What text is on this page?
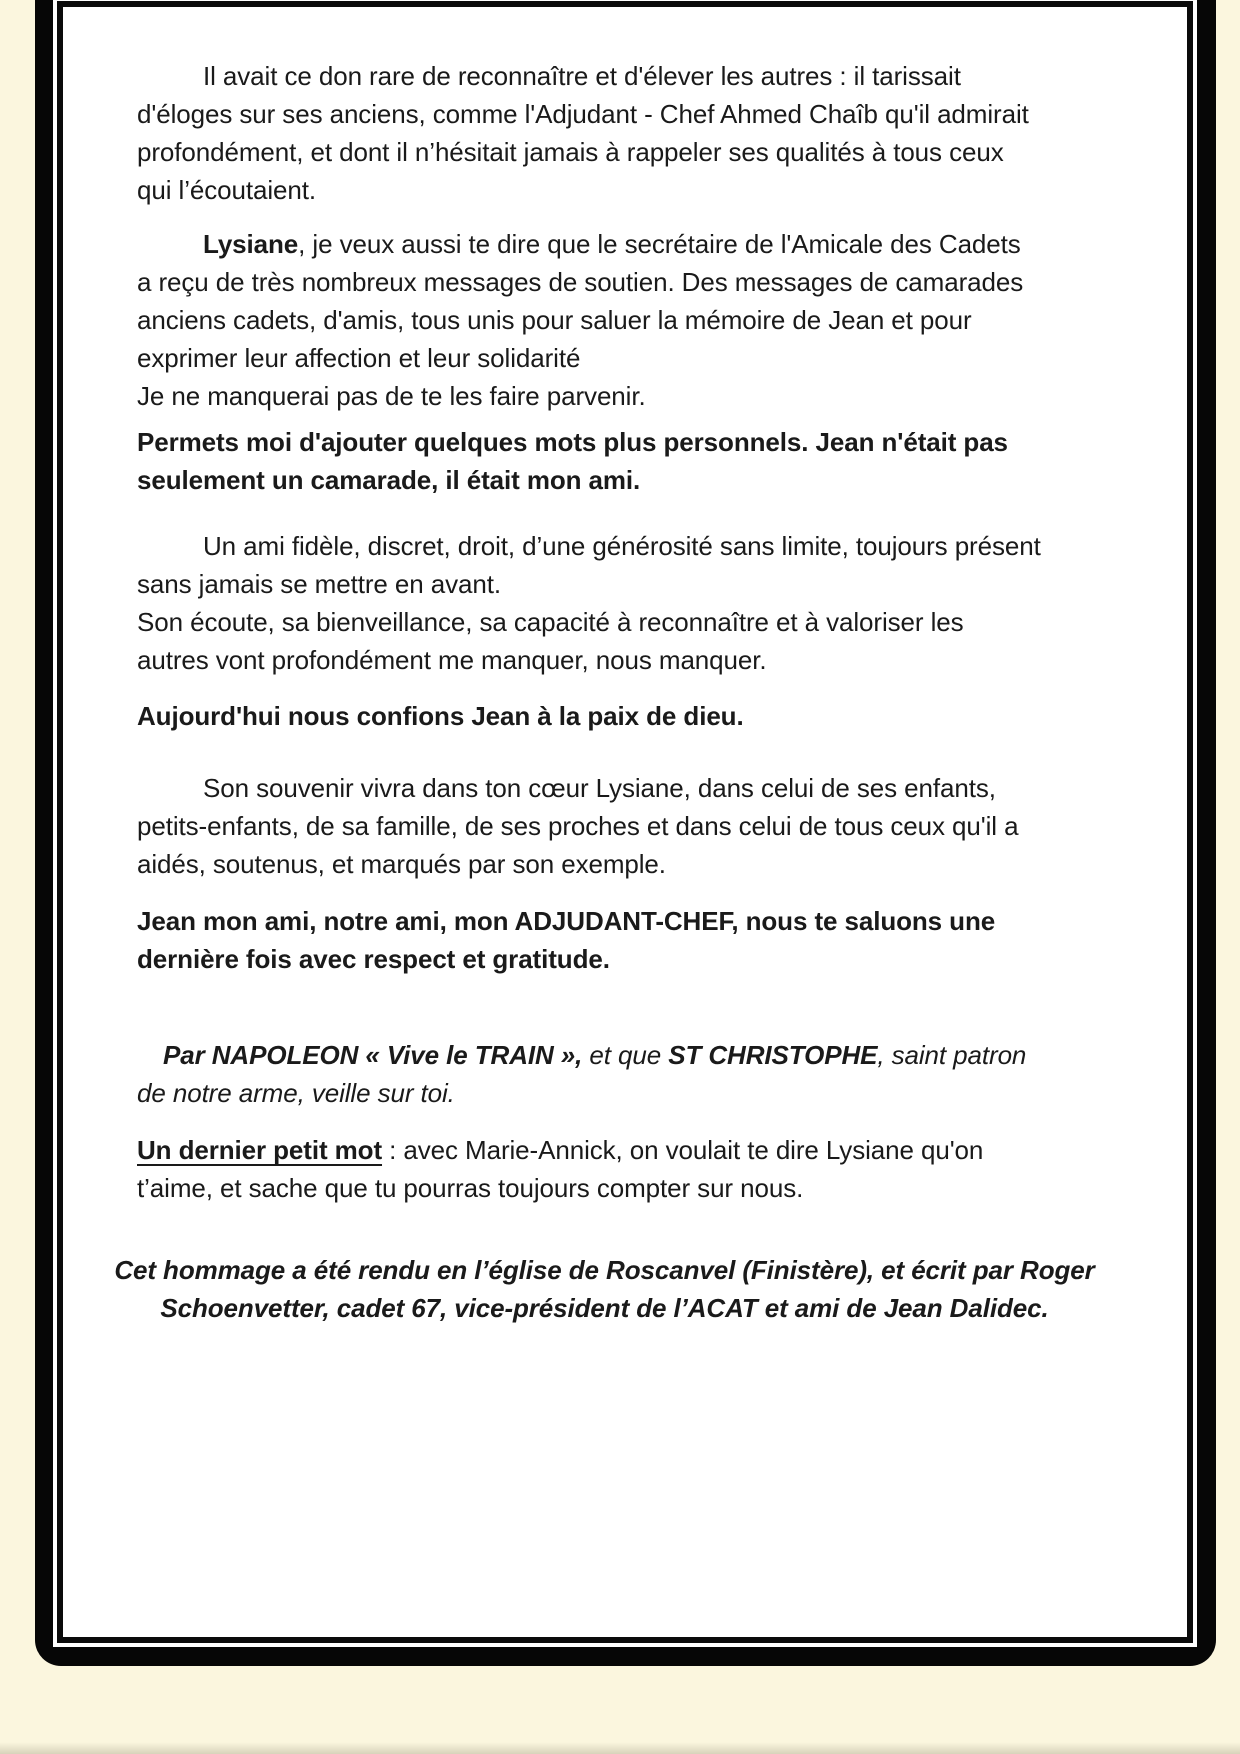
Il avait ce don rare de reconnaître et d'élever les autres : il tarissait d'éloges sur ses anciens, comme l'Adjudant - Chef Ahmed Chaîb qu'il admirait profondément, et dont il n’hésitait jamais à rappeler ses qualités à tous ceux qui l’écoutaient.

Lysiane, je veux aussi te dire que le secrétaire de l'Amicale des Cadets a reçu de très nombreux messages de soutien. Des messages de camarades anciens cadets, d'amis, tous unis pour saluer la mémoire de Jean et pour exprimer leur affection et leur solidarité
Je ne manquerai pas de te les faire parvenir.

Permets moi d'ajouter quelques mots plus personnels. Jean n'était pas seulement un camarade, il était mon ami.

Un ami fidèle, discret, droit, d’une générosité sans limite, toujours présent sans jamais se mettre en avant.
Son écoute, sa bienveillance, sa capacité à reconnaître et à valoriser les autres vont profondément me manquer, nous manquer.

Aujourd'hui nous confions Jean à la paix de dieu.

Son souvenir vivra dans ton cœur Lysiane, dans celui de ses enfants, petits-enfants, de sa famille, de ses proches et dans celui de tous ceux qu'il a aidés, soutenus, et marqués par son exemple.

Jean mon ami, notre ami, mon ADJUDANT-CHEF, nous te saluons une dernière fois avec respect et gratitude.

Par NAPOLEON « Vive le TRAIN », et que ST CHRISTOPHE, saint patron de notre arme, veille sur toi.

Un dernier petit mot : avec Marie-Annick, on voulait te dire Lysiane qu'on t’aime, et sache que tu pourras toujours compter sur nous.

Cet hommage a été rendu en l’église de Roscanvel (Finistère), et écrit par Roger Schoenvetter, cadet 67, vice-président de l’ACAT et ami de Jean Dalidec.
